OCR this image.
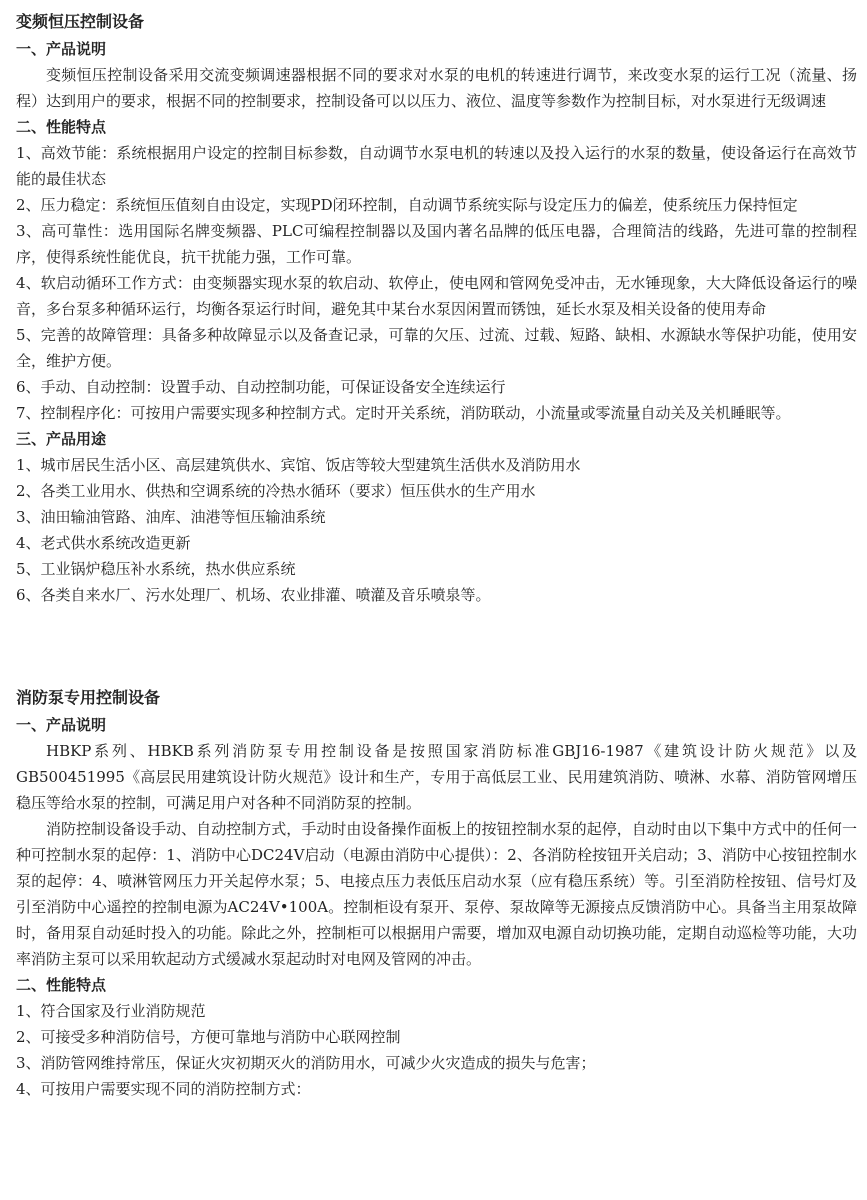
变频恒压控制设备
一、产品说明

变频恒压控制设备采用交流变频调速器根据不同的要求对水泵的电机的转速进行调节，来改变水泵的运行工况（流量、扬程）达到用户的要求，根据不同的控制要求，控制设备可以以压力、液位、温度等参数作为控制目标，对水泵进行无级调速

二、性能特点
1、高效节能：系统根据用户设定的控制目标参数，自动调节水泵电机的转速以及投入运行的水泵的数量，使设备运行在高效节能的最佳状态
2、压力稳定：系统恒压值刻自由设定，实现PD闭环控制，自动调节系统实际与设定压力的偏差，使系统压力保持恒定
3、高可靠性：选用国际名牌变频器、PLC可编程控制器以及国内著名品牌的低压电器，合理简洁的线路，先进可靠的控制程序，使得系统性能优良，抗干扰能力强，工作可靠。
4、软启动循环工作方式：由变频器实现水泵的软启动、软停止，使电网和管网免受冲击，无水锤现象，大大降低设备运行的噪音，多台泵多种循环运行，均衡各泵运行时间，避免其中某台水泵因闲置而锈蚀，延长水泵及相关设备的使用寿命
5、完善的故障管理：具备多种故障显示以及备查记录，可靠的欠压、过流、过载、短路、缺相、水源缺水等保护功能，使用安全，维护方便。
6、手动、自动控制：设置手动、自动控制功能，可保证设备安全连续运行
7、控制程序化：可按用户需要实现多种控制方式。定时开关系统，消防联动，小流量或零流量自动关及关机睡眠等。
三、产品用途
1、城市居民生活小区、高层建筑供水、宾馆、饭店等较大型建筑生活供水及消防用水
2、各类工业用水、供热和空调系统的冷热水循环（要求）恒压供水的生产用水
3、油田输油管路、油库、油港等恒压输油系统
4、老式供水系统改造更新
5、工业锅炉稳压补水系统，热水供应系统
6、各类自来水厂、污水处理厂、机场、农业排灌、喷灌及音乐喷泉等。
消防泵专用控制设备
一、产品说明

HBKP系列、HBKB系列消防泵专用控制设备是按照国家消防标准GBJ16-1987《建筑设计防火规范》以及GB500451995《高层民用建筑设计防火规范》设计和生产，专用于高低层工业、民用建筑消防、喷淋、水幕、消防管网增压稳压等给水泵的控制，可满足用户对各种不同消防泵的控制。

消防控制设备设手动、自动控制方式，手动时由设备操作面板上的按钮控制水泵的起停，自动时由以下集中方式中的任何一种可控制水泵的起停：1、消防中心DC24V启动（电源由消防中心提供）：2、各消防栓按钮开关启动；3、消防中心按钮控制水泵的起停：4、喷淋管网压力开关起停水泵；5、电接点压力表低压启动水泵（应有稳压系统）等。引至消防栓按钮、信号灯及引至消防中心遥控的控制电源为AC24V•100A。控制柜设有泵开、泵停、泵故障等无源接点反馈消防中心。具备当主用泵故障时，备用泵自动延时投入的功能。除此之外，控制柜可以根据用户需要，增加双电源自动切换功能，定期自动巡检等功能，大功率消防主泵可以采用软起动方式缓减水泵起动时对电网及管网的冲击。

二、性能特点
1、符合国家及行业消防规范
2、可接受多种消防信号，方便可靠地与消防中心联网控制
3、消防管网维持常压，保证火灾初期灭火的消防用水，可减少火灾造成的损失与危害；
4、可按用户需要实现不同的消防控制方式：
